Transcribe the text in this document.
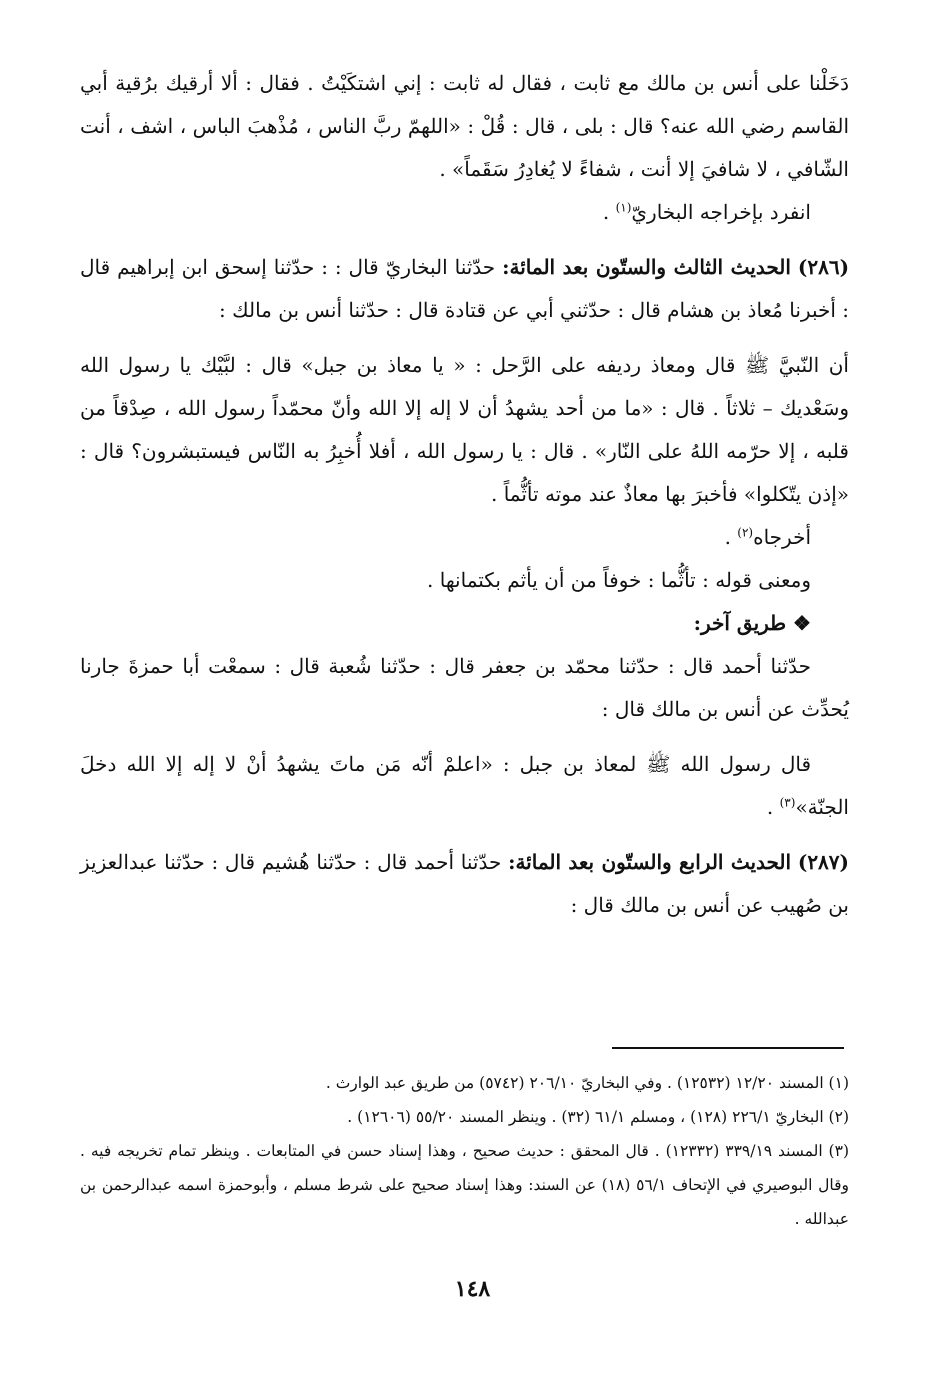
دَخَلْنا على أنس بن مالك مع ثابت ، فقال له ثابت : إني اشتكَيْتُ . فقال : ألا أرقيك برُقية أبي القاسم رضي الله عنه؟ قال : بلى ، قال : قُلْ : «اللهمّ ربَّ الناس ، مُذْهبَ الباس ، اشف ، أنت الشّافي ، لا شافيَ إلا أنت ، شفاءً لا يُغادِرُ سَقَماً» .

انفرد بإخراجه البخاريّ$^{(١)}$ .

(٢٨٦) الحديث الثالث والستّون بعد المائة: حدّثنا البخاريّ قال : : حدّثنا إسحق ابن إبراهيم قال : أخبرنا مُعاذ بن هشام قال : حدّثني أبي عن قتادة قال : حدّثنا أنس بن مالك :

أن النّبيَّ ﷺ قال ومعاذ رديفه على الرَّحل : « يا معاذ بن جبل» قال : لبَّيْك يا رسول الله وسَعْديك – ثلاثاً . قال : «ما من أحد يشهدُ أن لا إله إلا الله وأنّ محمّداً رسول الله ، صِدْقاً من قلبه ، إلا حرّمه اللهُ على النّار» . قال : يا رسول الله ، أفلا أُخبِرُ به النّاس فيستبشرون؟ قال : «إذن يتّكلوا» فأخبرَ بها معاذٌ عند موته تأثُّماً .

أخرجاه$^{(٢)}$ .

ومعنى قوله : تأثُّما : خوفاً من أن يأثم بكتمانها .

❖ طريق آخر:

حدّثنا أحمد قال : حدّثنا محمّد بن جعفر قال : حدّثنا شُعبة قال : سمعْت أبا حمزةَ جارنا يُحدِّث عن أنس بن مالك قال :

قال رسول الله ﷺ لمعاذ بن جبل : «اعلمْ أنّه مَن ماتَ يشهدُ أنْ لا إله إلا الله دخلَ الجنّة»$^{(٣)}$ .

(٢٨٧) الحديث الرابع والستّون بعد المائة: حدّثنا أحمد قال : حدّثنا هُشيم قال : حدّثنا عبدالعزيز بن صُهيب عن أنس بن مالك قال :

(١) المسند ١٢/٢٠ (١٢٥٣٢) . وفي البخاريّ ٢٠٦/١٠ (٥٧٤٢) من طريق عبد الوارث .

(٢) البخاريّ ٢٢٦/١ (١٢٨) ، ومسلم ٦١/١ (٣٢) . وينظر المسند ٥٥/٢٠ (١٢٦٠٦) .

(٣) المسند ٣٣٩/١٩ (١٢٣٣٢) . قال المحقق : حديث صحيح ، وهذا إسناد حسن في المتابعات . وينظر تمام تخريجه فيه . وقال البوصيري في الإتحاف ٥٦/١ (١٨) عن السند: وهذا إسناد صحيح على شرط مسلم ، وأبوحمزة اسمه عبدالرحمن بن عبدالله .

١٤٨
